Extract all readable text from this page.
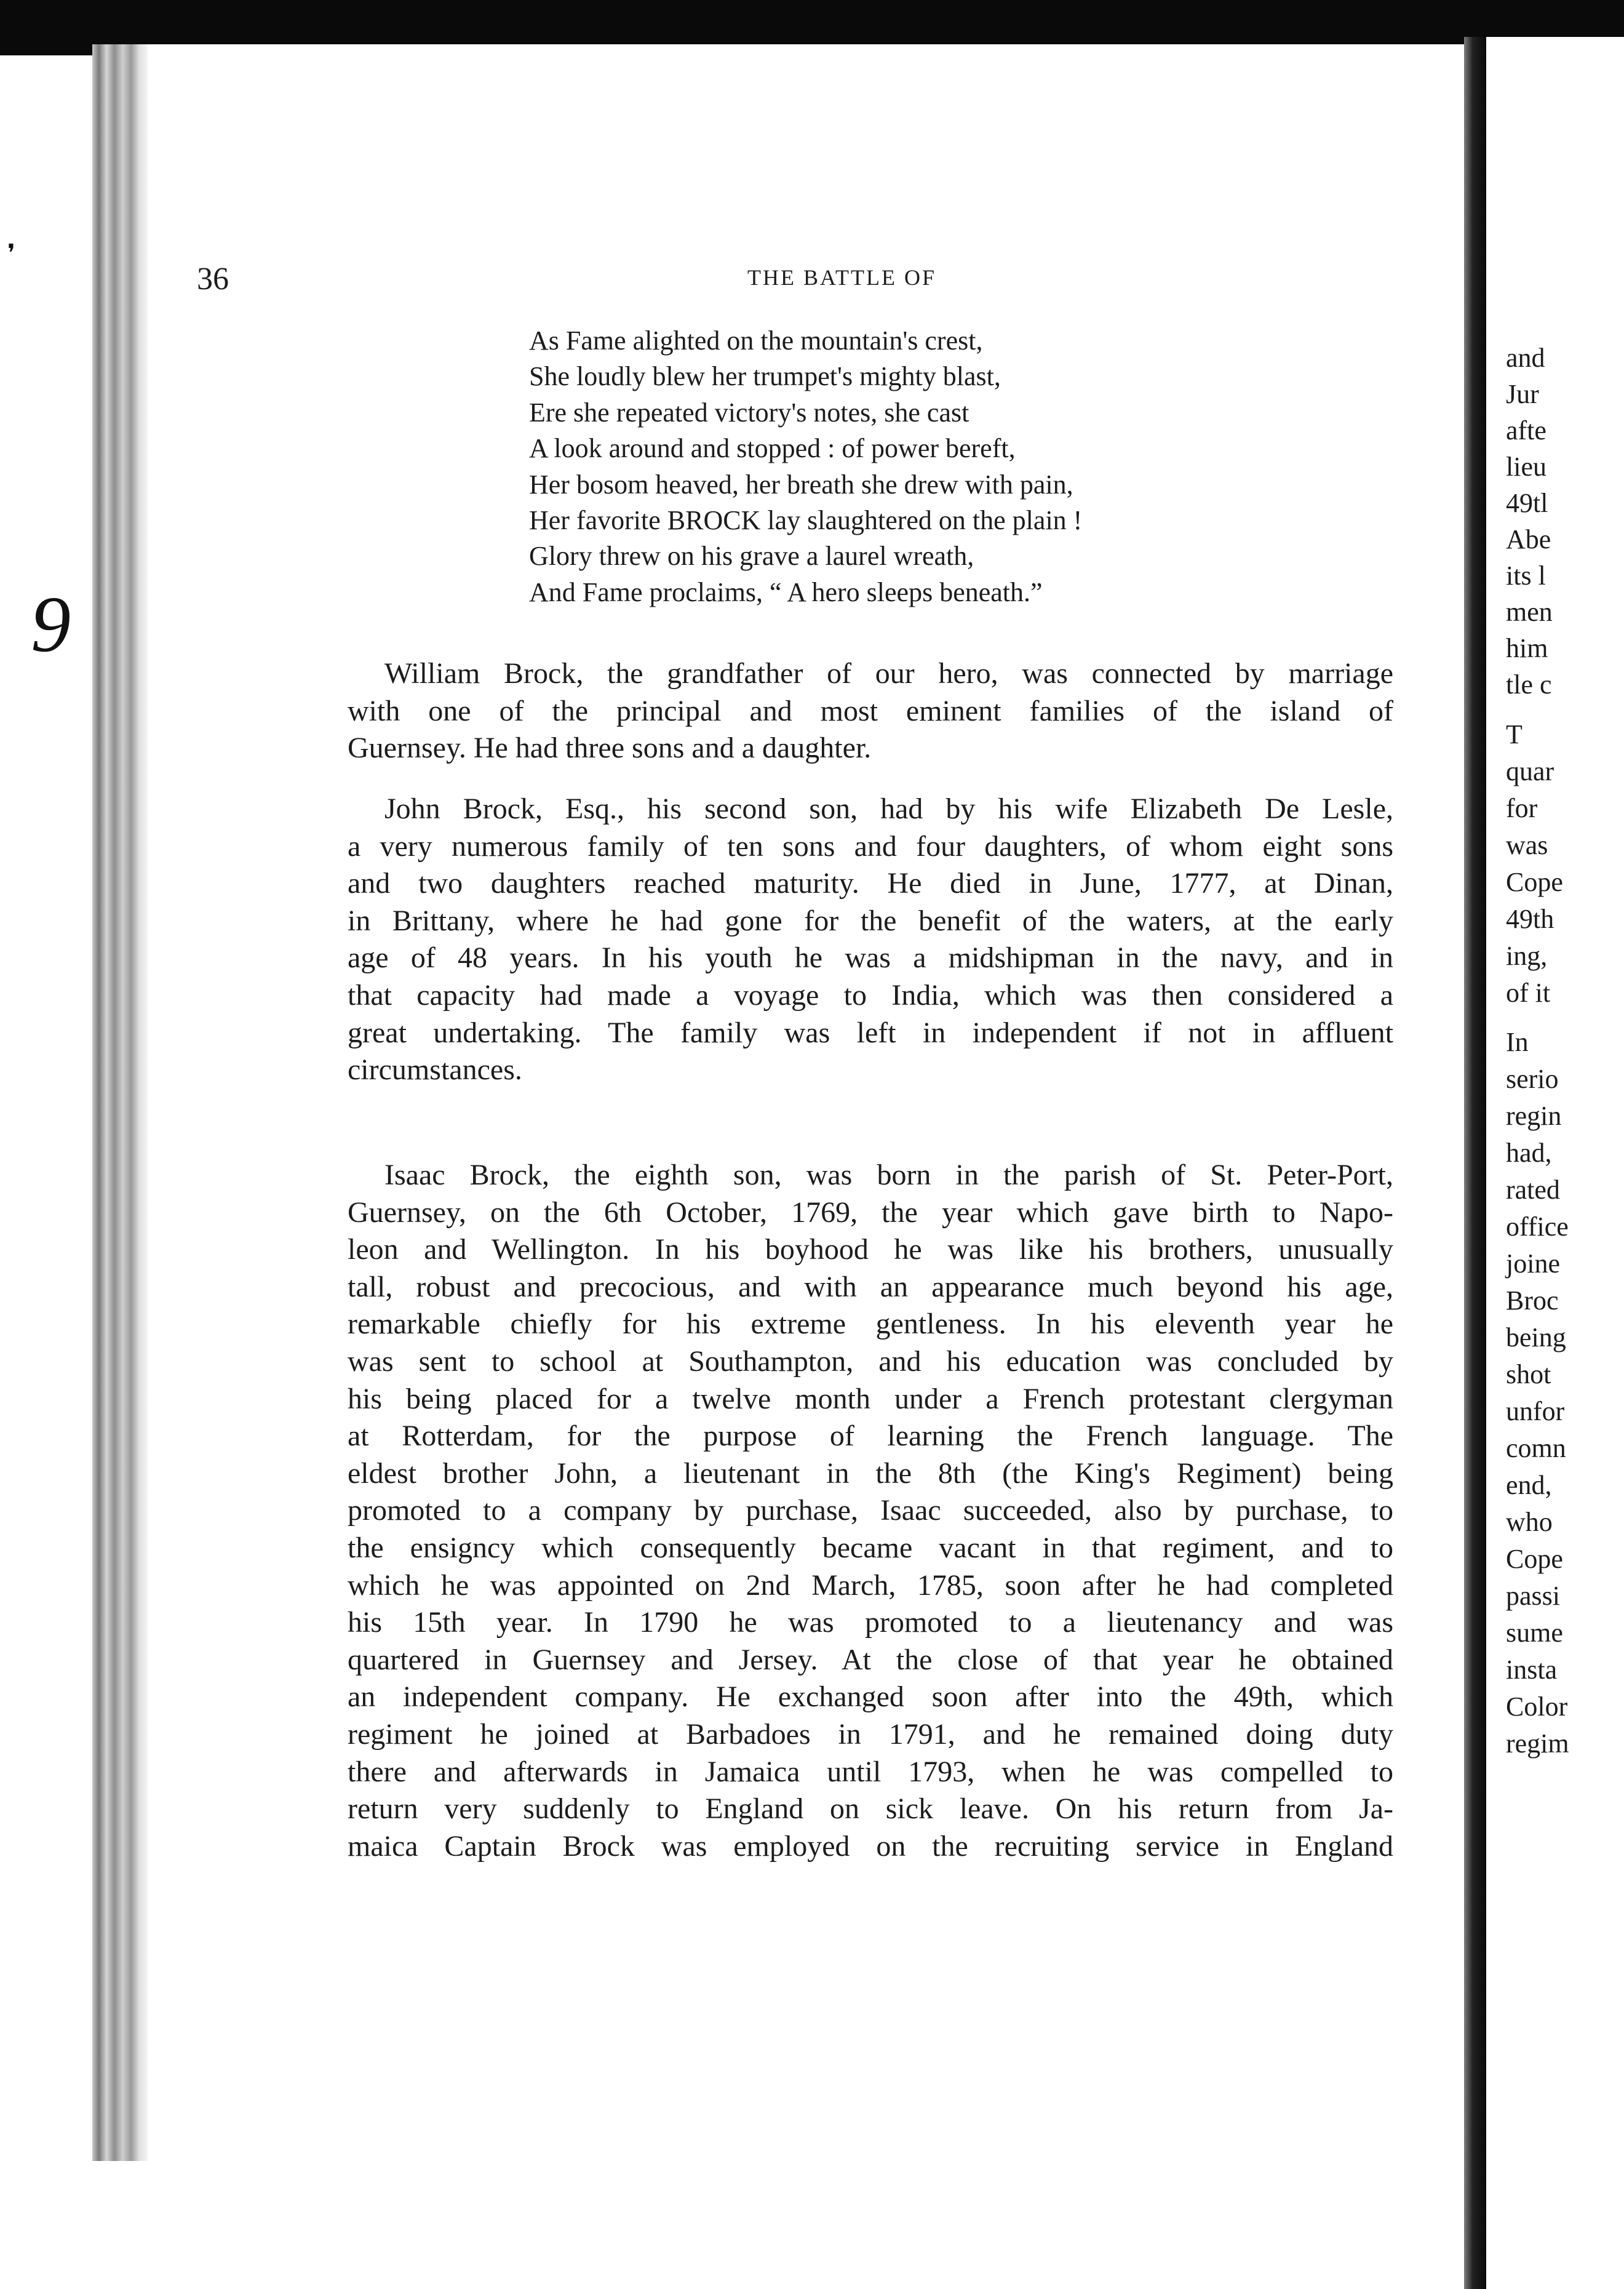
❜
9
36	THE BATTLE OF
As Fame alighted on the mountain's crest,
She loudly blew her trumpet's mighty blast,
Ere she repeated victory's notes, she cast
A look around and stopped : of power bereft,
Her bosom heaved, her breath she drew with pain,
Her favorite BROCK lay slaughtered on the plain !
Glory threw on his grave a laurel wreath,
And Fame proclaims, “ A hero sleeps beneath.”
William Brock, the grandfather of our hero, was connected by marriage
with one of the principal and most eminent families of the island of
Guernsey. He had three sons and a daughter.
John Brock, Esq., his second son, had by his wife Elizabeth De Lesle,
a very numerous family of ten sons and four daughters, of whom eight sons
and two daughters reached maturity. He died in June, 1777, at Dinan,
in Brittany, where he had gone for the benefit of the waters, at the early
age of 48 years. In his youth he was a midshipman in the navy, and in
that capacity had made a voyage to India, which was then considered a
great undertaking. The family was left in independent if not in affluent
circumstances.
Isaac Brock, the eighth son, was born in the parish of St. Peter-Port,
Guernsey, on the 6th October, 1769, the year which gave birth to Napo-
leon and Wellington. In his boyhood he was like his brothers, unusually
tall, robust and precocious, and with an appearance much beyond his age,
remarkable chiefly for his extreme gentleness. In his eleventh year he
was sent to school at Southampton, and his education was concluded by
his being placed for a twelve month under a French protestant clergyman
at Rotterdam, for the purpose of learning the French language. The
eldest brother John, a lieutenant in the 8th (the King's Regiment) being
promoted to a company by purchase, Isaac succeeded, also by purchase, to
the ensigncy which consequently became vacant in that regiment, and to
which he was appointed on 2nd March, 1785, soon after he had completed
his 15th year. In 1790 he was promoted to a lieutenancy and was
quartered in Guernsey and Jersey. At the close of that year he obtained
an independent company. He exchanged soon after into the 49th, which
regiment he joined at Barbadoes in 1791, and he remained doing duty
there and afterwards in Jamaica until 1793, when he was compelled to
return very suddenly to England on sick leave. On his return from Ja-
maica Captain Brock was employed on the recruiting service in England
and
Jur
afte
lieu
49tl
Abe
its l
men
him
tle c
T
quar
for
was
Cope
49th
ing,
of it
In
serio
regin
had,
rated
office
joine
Broc
being
shot
unfor
comn
end,
who
Cope
passi
sume
insta
Color
regim
